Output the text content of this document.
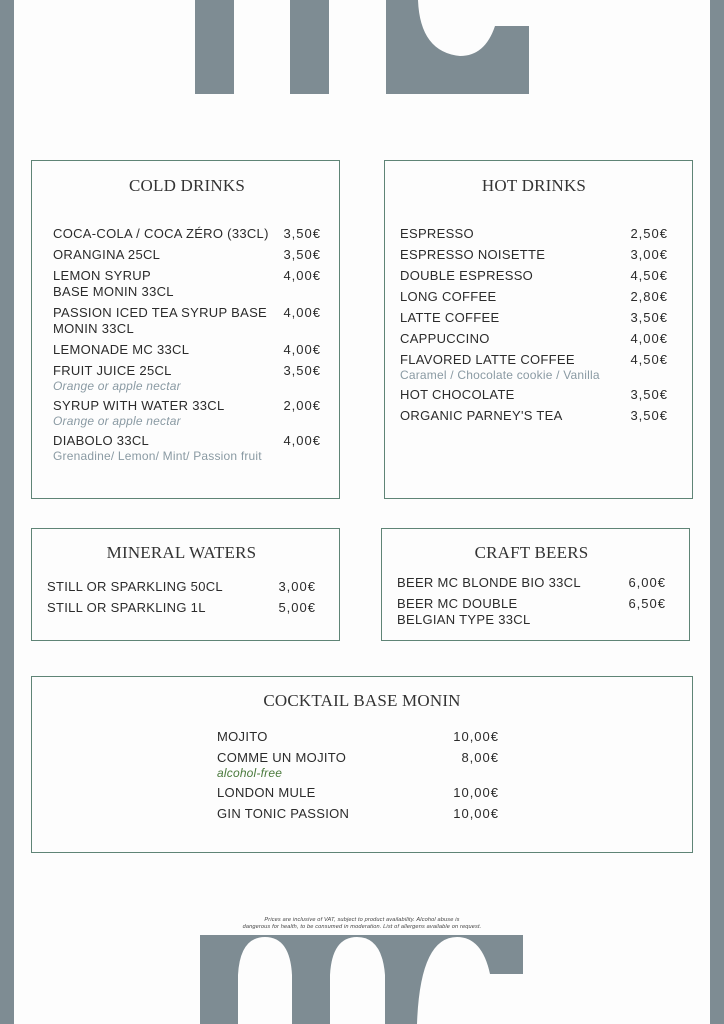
COLD DRINKS
COCA-COLA / COCA ZÉRO (33CL) 3,50€
ORANGINA 25CL	3,50€
LEMON SYRUP
BASE MONIN 33CL
4,00€
PASSION ICED TEA SYRUP BASE
MONIN 33CL
4,00€
LEMONADE MC 33CL	4,00€
FRUIT JUICE 25CL	3,50€
Orange or apple nectar
SYRUP WITH WATER 33CL	2,00€
Orange or apple nectar
DIABOLO 33CL	4,00€
Grenadine/ Lemon/ Mint/ Passion fruit
HOT DRINKS
ESPRESSO	2,50€
ESPRESSO NOISETTE	3,00€
DOUBLE ESPRESSO	4,50€
LONG COFFEE	2,80€
LATTE COFFEE	3,50€
CAPPUCCINO	4,00€
FLAVORED LATTE COFFEE	4,50€
Caramel / Chocolate cookie / Vanilla
HOT CHOCOLATE	3,50€
ORGANIC PARNEY'S TEA	3,50€
MINERAL WATERS
STILL OR SPARKLING 50CL	3,00€
STILL OR SPARKLING 1L	5,00€
CRAFT BEERS
BEER MC BLONDE BIO 33CL	6,00€
BEER MC DOUBLE
BELGIAN TYPE 33CL
6,50€
COCKTAIL BASE MONIN
MOJITO	10,00€
COMME UN MOJITO	8,00€
alcohol-free
LONDON MULE	10,00€
GIN TONIC PASSION	10,00€
Prices are inclusive of VAT, subject to product availability. Alcohol abuse is
dangerous for health, to be consumed in moderation. List of allergens available on request.
